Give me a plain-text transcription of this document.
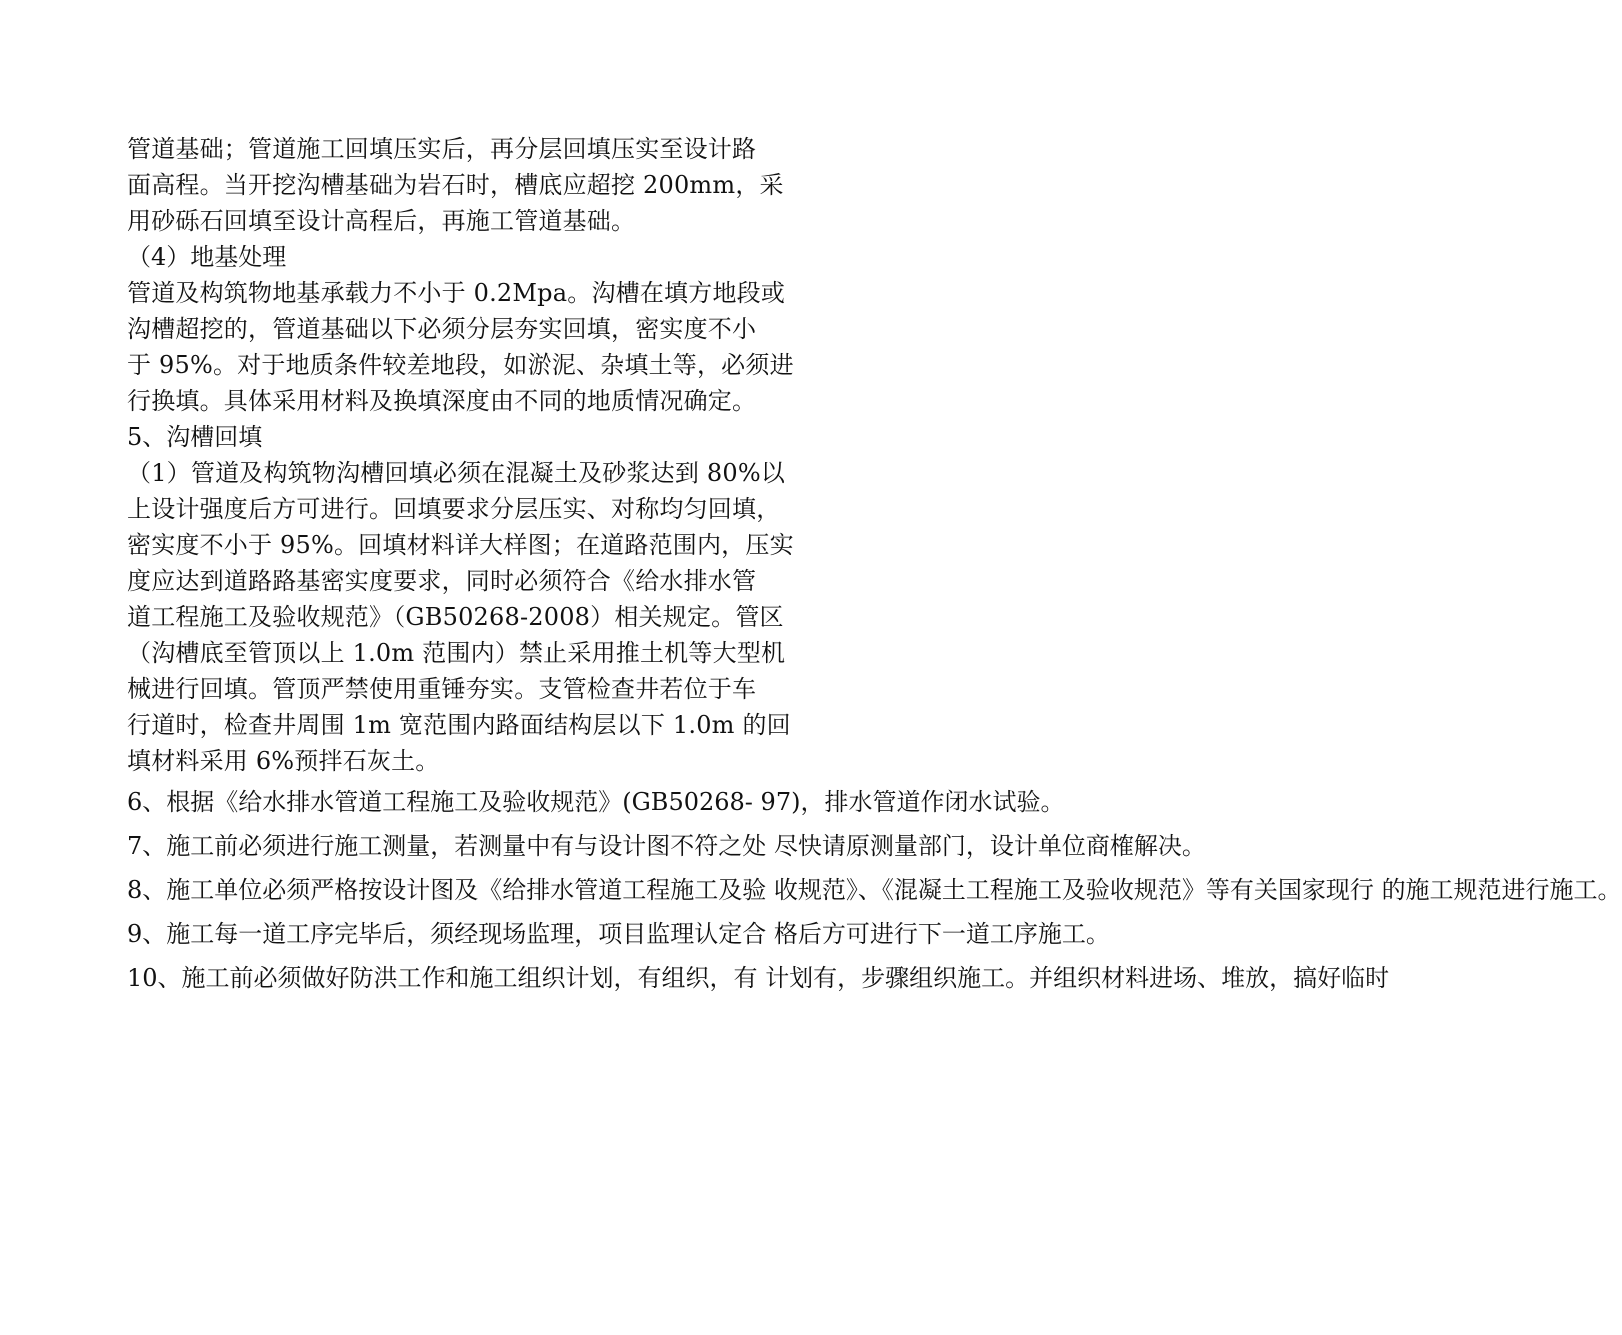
管道基础；管道施工回填压实后，再分层回填压实至设计路
面高程。当开挖沟槽基础为岩石时，槽底应超挖 200mm，采
用砂砾石回填至设计高程后，再施工管道基础。

（4）地基处理

管道及构筑物地基承载力不小于 0.2Mpa。沟槽在填方地段或
沟槽超挖的，管道基础以下必须分层夯实回填，密实度不小
于 95%。对于地质条件较差地段，如淤泥、杂填土等，必须进
行换填。具体采用材料及换填深度由不同的地质情况确定。

5、沟槽回填

（1）管道及构筑物沟槽回填必须在混凝土及砂浆达到 80%以
上设计强度后方可进行。回填要求分层压实、对称均匀回填，
密实度不小于 95%。回填材料详大样图；在道路范围内，压实
度应达到道路路基密实度要求，同时必须符合《给水排水管
道工程施工及验收规范》（GB50268-2008）相关规定。管区
（沟槽底至管顶以上 1.0m 范围内）禁止采用推土机等大型机
械进行回填。管顶严禁使用重锤夯实。支管检查井若位于车
行道时，检查井周围 1m 宽范围内路面结构层以下 1.0m 的回
填材料采用 6%预拌石灰土。

6、根据《给水排水管道工程施工及验收规范》(GB50268- 97)，排水管道作闭水试验。

7、施工前必须进行施工测量，若测量中有与设计图不符之处 尽快请原测量部门，设计单位商榷解决。

8、施工单位必须严格按设计图及《给排水管道工程施工及验 收规范》、《混凝土工程施工及验收规范》等有关国家现行 的施工规范进行施工。

9、施工每一道工序完毕后，须经现场监理，项目监理认定合 格后方可进行下一道工序施工。

10、施工前必须做好防洪工作和施工组织计划，有组织，有 计划有，步骤组织施工。并组织材料进场、堆放，搞好临时
